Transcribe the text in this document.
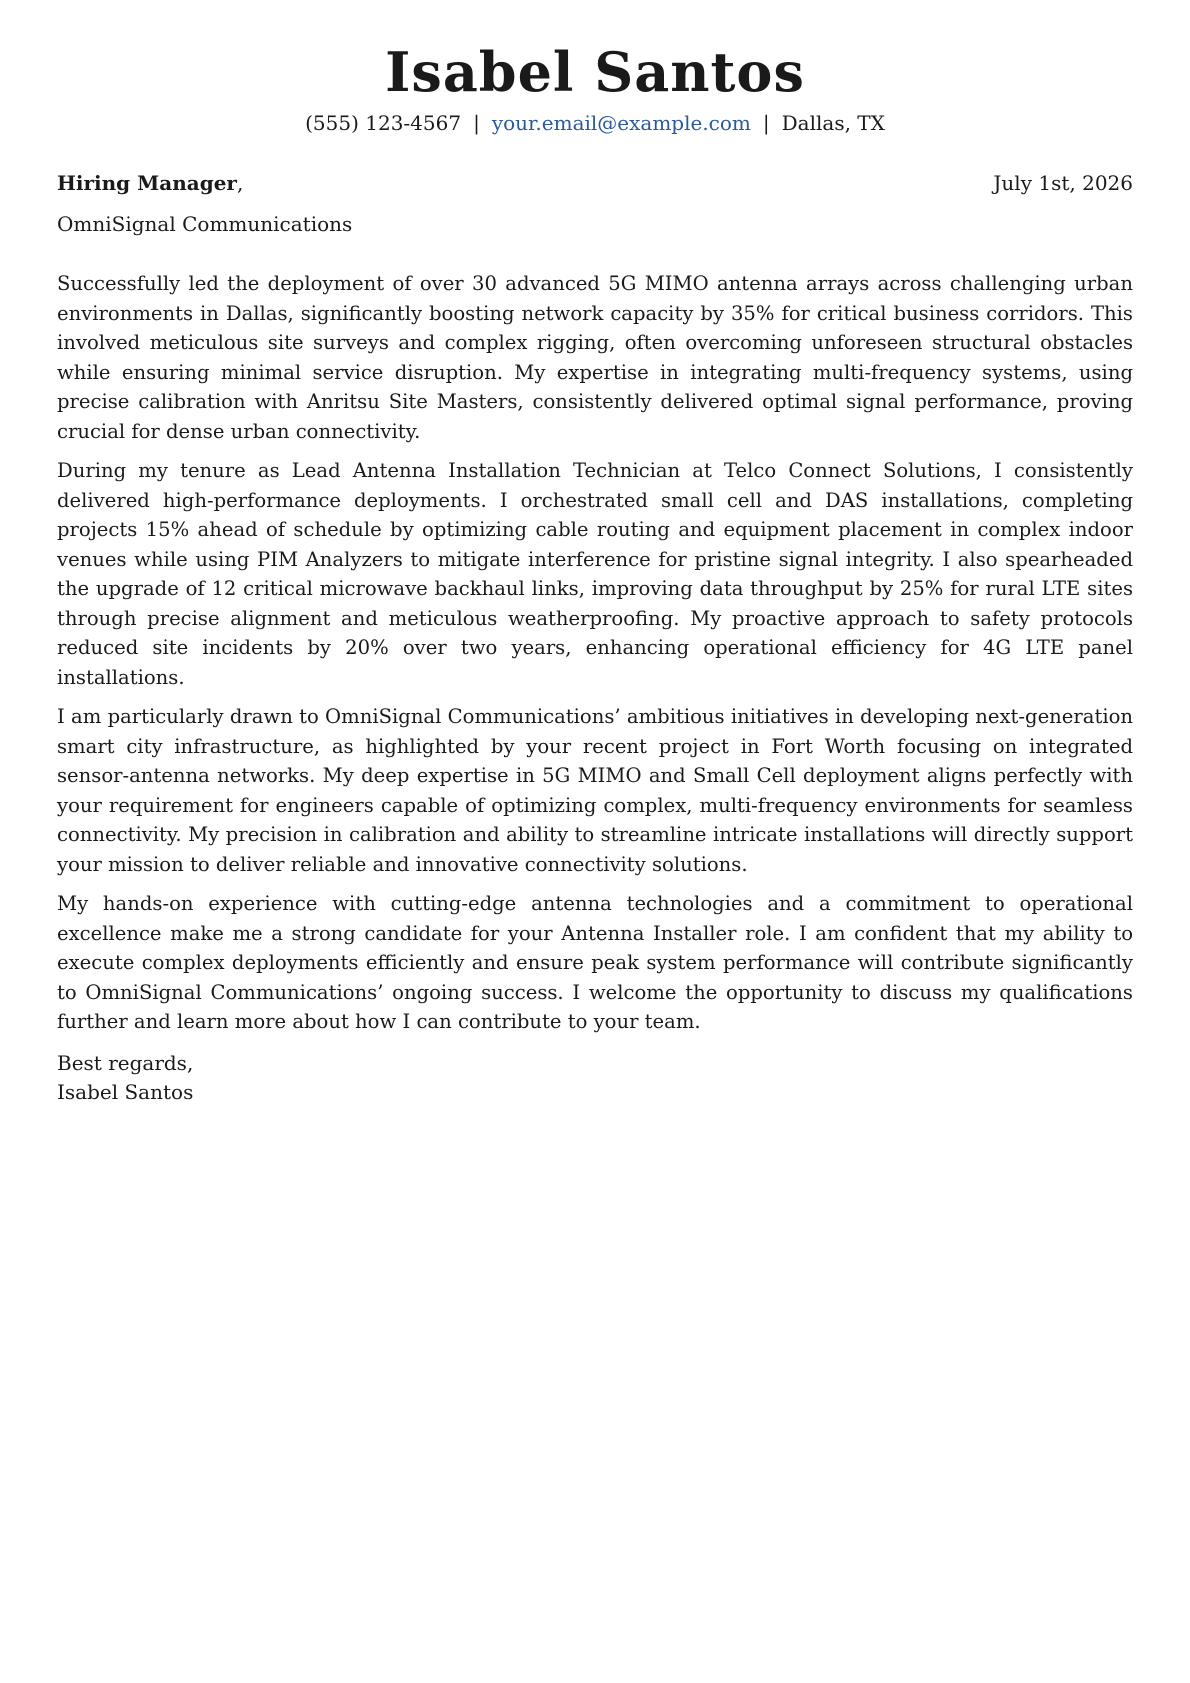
Isabel Santos
(555) 123-4567 | your.email@example.com | Dallas, TX
Hiring Manager,	July 1st, 2026
OmniSignal Communications

Successfully led the deployment of over 30 advanced 5G MIMO antenna arrays across challenging urban environments in Dallas, significantly boosting network capacity by 35% for critical business corridors. This involved meticulous site surveys and complex rigging, often overcoming unforeseen structural obstacles while ensuring minimal service disruption. My expertise in integrating multi-frequency systems, using precise calibration with Anritsu Site Masters, consistently delivered optimal signal performance, proving crucial for dense urban connectivity.

During my tenure as Lead Antenna Installation Technician at Telco Connect Solutions, I consistently delivered high-performance deployments. I orchestrated small cell and DAS installations, completing projects 15% ahead of schedule by optimizing cable routing and equipment placement in complex indoor venues while using PIM Analyzers to mitigate interference for pristine signal integrity. I also spearheaded the upgrade of 12 critical microwave backhaul links, improving data throughput by 25% for rural LTE sites through precise alignment and meticulous weatherproofing. My proactive approach to safety protocols reduced site incidents by 20% over two years, enhancing operational efficiency for 4G LTE panel installations.

I am particularly drawn to OmniSignal Communications’ ambitious initiatives in developing next-generation smart city infrastructure, as highlighted by your recent project in Fort Worth focusing on integrated sensor-antenna networks. My deep expertise in 5G MIMO and Small Cell deployment aligns perfectly with your requirement for engineers capable of optimizing complex, multi-frequency environments for seamless connectivity. My precision in calibration and ability to streamline intricate installations will directly support your mission to deliver reliable and innovative connectivity solutions.

My hands-on experience with cutting-edge antenna technologies and a commitment to operational excellence make me a strong candidate for your Antenna Installer role. I am confident that my ability to execute complex deployments efficiently and ensure peak system performance will contribute significantly to OmniSignal Communications’ ongoing success. I welcome the opportunity to discuss my qualifications further and learn more about how I can contribute to your team.

Best regards,
Isabel Santos
